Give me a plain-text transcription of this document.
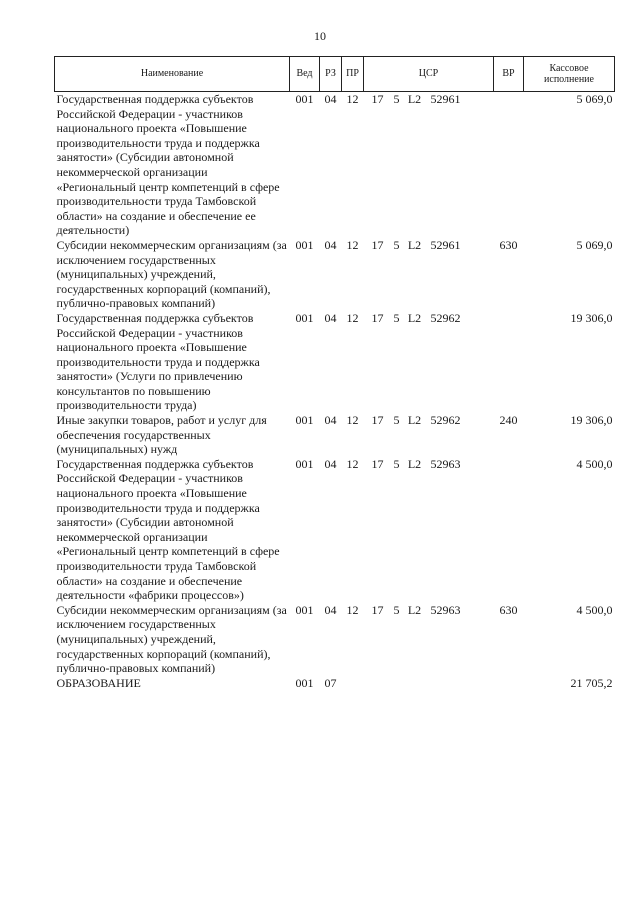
10
Наименование	Вед	РЗ	ПР	ЦСР	ВР	Кассовое исполнение
Государственная поддержка субъектов Российской Федерации - участников национального проекта «Повышение производительности труда и поддержка занятости» (Субсидии автономной некоммерческой организации «Региональный центр компетенций в сфере производительности труда Тамбовской области» на создание и обеспечение ее деятельности)	001	04	12	17 5 L2 52961		5 069,0
Субсидии некоммерческим организациям (за исключением государственных (муниципальных) учреждений, государственных корпораций (компаний), публично-правовых компаний)	001	04	12	17 5 L2 52961	630	5 069,0
Государственная поддержка субъектов Российской Федерации - участников национального проекта «Повышение производительности труда и поддержка занятости» (Услуги по привлечению консультантов по повышению производительности труда)	001	04	12	17 5 L2 52962		19 306,0
Иные закупки товаров, работ и услуг для обеспечения государственных (муниципальных) нужд	001	04	12	17 5 L2 52962	240	19 306,0
Государственная поддержка субъектов Российской Федерации - участников национального проекта «Повышение производительности труда и поддержка занятости» (Субсидии автономной некоммерческой организации «Региональный центр компетенций в сфере производительности труда Тамбовской области» на создание и обеспечение деятельности «фабрики процессов»)	001	04	12	17 5 L2 52963		4 500,0
Субсидии некоммерческим организациям (за исключением государственных (муниципальных) учреждений, государственных корпораций (компаний), публично-правовых компаний)	001	04	12	17 5 L2 52963	630	4 500,0
ОБРАЗОВАНИЕ	001	07				21 705,2
